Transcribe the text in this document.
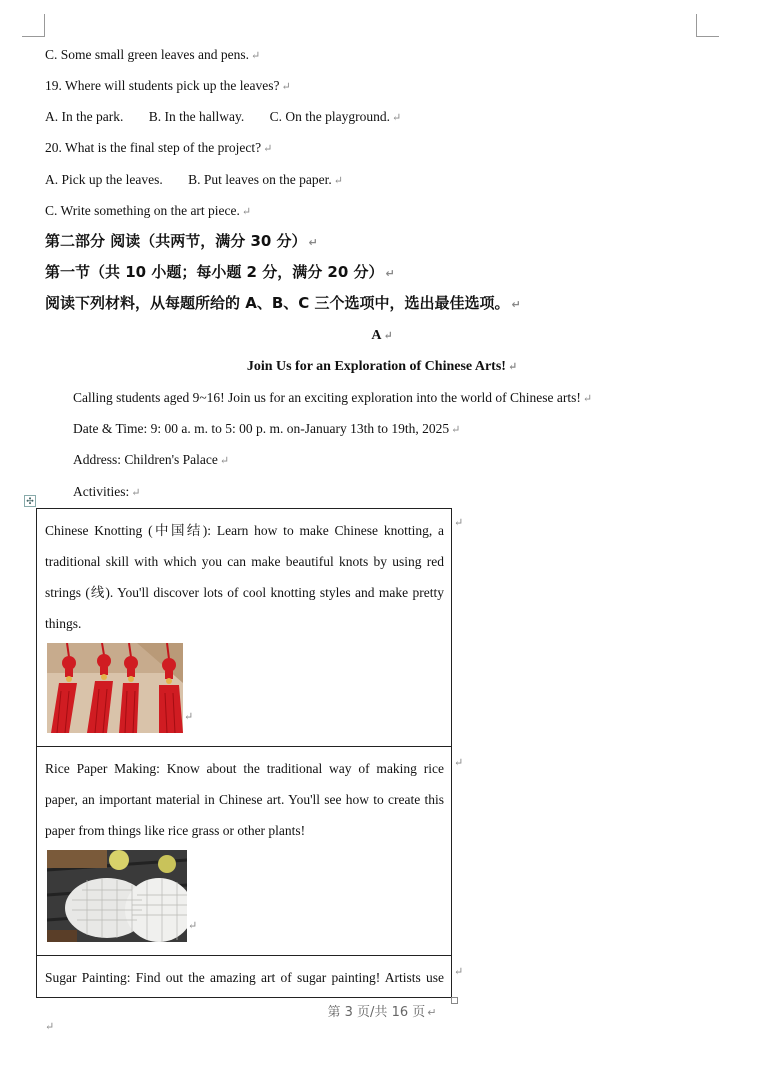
C. Some small green leaves and pens. ↵
19. Where will students pick up the leaves? ↵
A. In the park. B. In the hallway. C. On the playground. ↵
20. What is the final step of the project? ↵
A. Pick up the leaves. B. Put leaves on the paper. ↵
C. Write something on the art piece. ↵
第二部分 阅读（共两节，满分 30 分） ↵
第一节（共 10 小题；每小题 2 分，满分 20 分） ↵
阅读下列材料，从每题所给的 A、B、C 三个选项中，选出最佳选项。 ↵
A ↵
Join Us for an Exploration of Chinese Arts! ↵
Calling students aged 9~16! Join us for an exciting exploration into the world of Chinese arts! ↵
Date & Time: 9: 00 a. m. to 5: 00 p. m. on-January 13th to 19th, 2025 ↵
Address: Children's Palace ↵
Activities: ↵
✣
Chinese Knotting (中国结): Learn how to make Chinese knotting, a traditional skill with which you can make beautiful knots by using red strings (线). You'll discover lots of cool knotting styles and make pretty things.
↵

Rice Paper Making: Know about the traditional way of making rice paper, an important material in Chinese art. You'll see how to create this paper from things like rice grass or other plants!
↵

Sugar Painting: Find out the amazing art of sugar painting! Artists use
↵
↵
↵
第 3 页/共 16 页 ↵
↵
